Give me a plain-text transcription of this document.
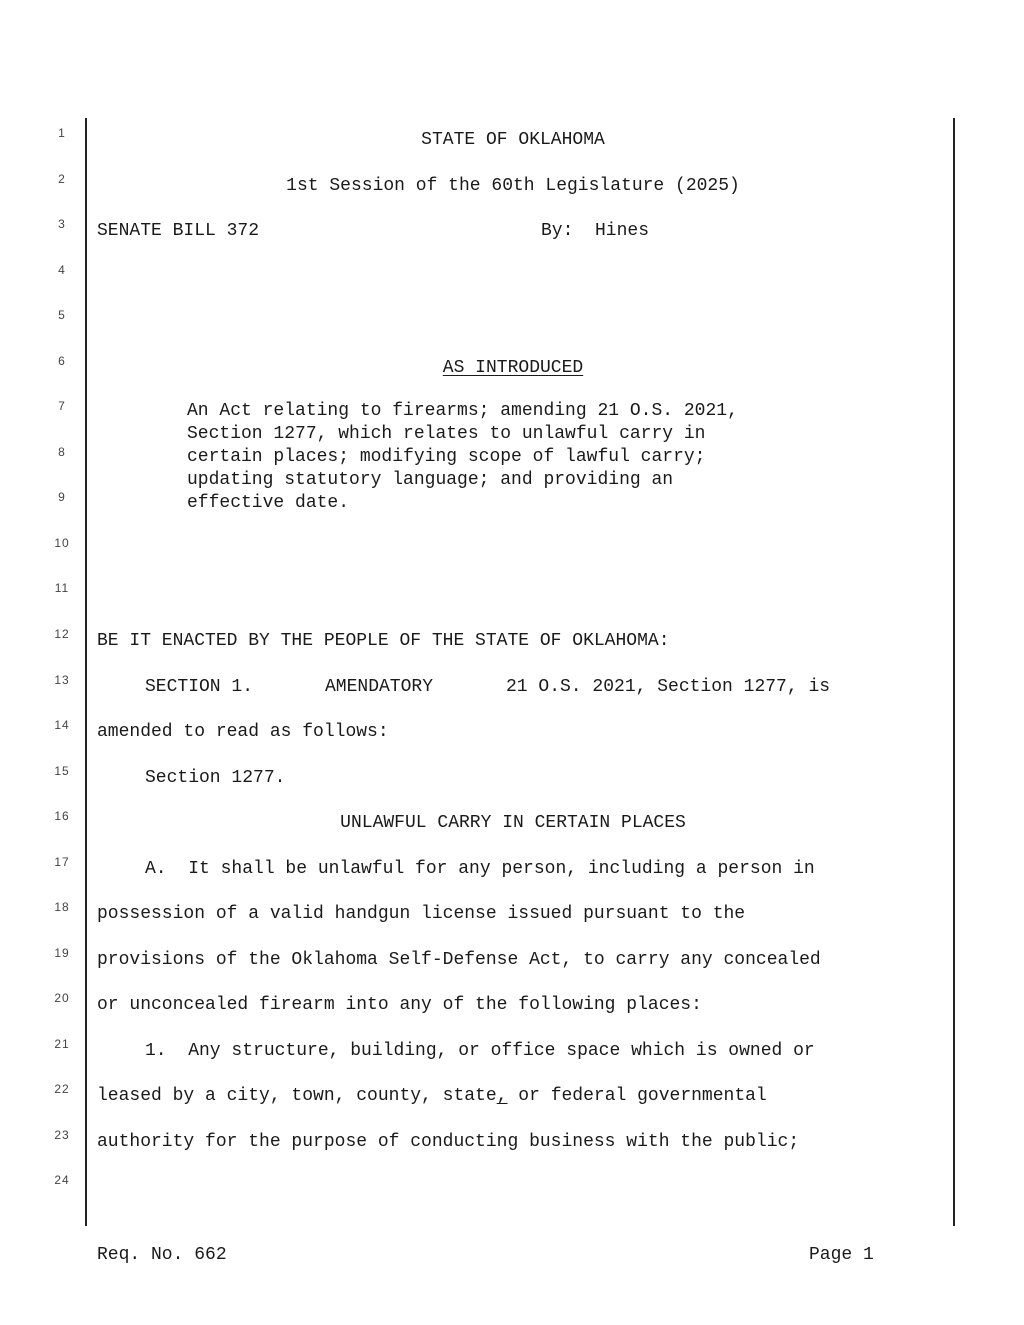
1
2
3
4
5
6
7
8
9
10
11
12
13
14
15
16
17
18
19
20
21
22
23
24
STATE OF OKLAHOMA
1st Session of the 60th Legislature (2025)
SENATE BILL 372	By:  Hines
AS INTRODUCED
An Act relating to firearms; amending 21 O.S. 2021,
Section 1277, which relates to unlawful carry in
certain places; modifying scope of lawful carry;
updating statutory language; and providing an
effective date.
BE IT ENACTED BY THE PEOPLE OF THE STATE OF OKLAHOMA:
SECTION 1.	AMENDATORY	21 O.S. 2021, Section 1277, is
amended to read as follows:
Section 1277.
UNLAWFUL CARRY IN CERTAIN PLACES
A.  It shall be unlawful for any person, including a person in
possession of a valid handgun license issued pursuant to the
provisions of the Oklahoma Self-Defense Act, to carry any concealed
or unconcealed firearm into any of the following places:
1.  Any structure, building, or office space which is owned or
leased by a city, town, county, state, or federal governmental
authority for the purpose of conducting business with the public;
Req. No. 662	Page 1
